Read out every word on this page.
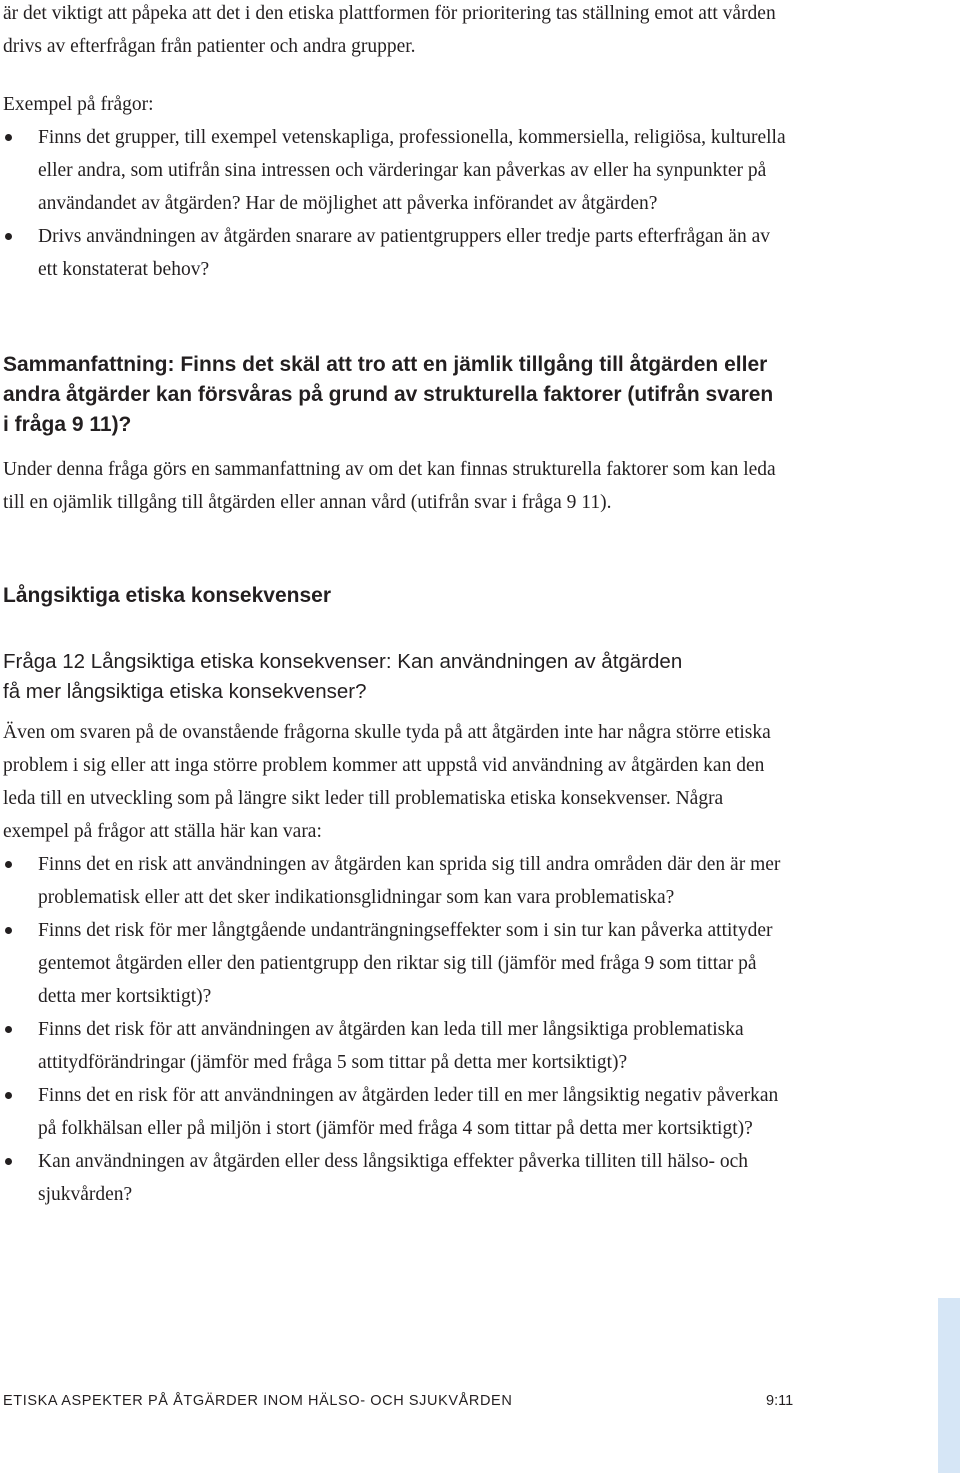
är det viktigt att påpeka att det i den etiska plattformen för prioritering tas ställning emot att vården drivs av efterfrågan från patienter och andra grupper.

Exempel på frågor:

Finns det grupper, till exempel vetenskapliga, professionella, kommersiella, religiösa, kulturella eller andra, som utifrån sina intressen och värderingar kan påverkas av eller ha synpunkter på användandet av åtgärden? Har de möjlighet att påverka införandet av åtgärden?
Drivs användningen av åtgärden snarare av patientgruppers eller tredje parts efterfrågan än av ett konstaterat behov?
Sammanfattning: Finns det skäl att tro att en jämlik tillgång till åtgärden eller andra åtgärder kan försvåras på grund av strukturella faktorer (utifrån svaren i fråga 9 11)?

Under denna fråga görs en sammanfattning av om det kan finnas strukturella faktorer som kan leda till en ojämlik tillgång till åtgärden eller annan vård (utifrån svar i fråga 9 11).

Långsiktiga etiska konsekvenser
Fråga 12 Långsiktiga etiska konsekvenser: Kan användningen av åtgärden få mer långsiktiga etiska konsekvenser?

Även om svaren på de ovanstående frågorna skulle tyda på att åtgärden inte har några större etiska problem i sig eller att inga större problem kommer att uppstå vid användning av åtgärden kan den leda till en utveckling som på längre sikt leder till problematiska etiska konsekvenser. Några exempel på frågor att ställa här kan vara:

Finns det en risk att användningen av åtgärden kan sprida sig till andra områden där den är mer problematisk eller att det sker indikationsglidningar som kan vara problematiska?
Finns det risk för mer långtgående undanträngningseffekter som i sin tur kan påverka attityder gentemot åtgärden eller den patientgrupp den riktar sig till (jämför med fråga 9 som tittar på detta mer kortsiktigt)?
Finns det risk för att användningen av åtgärden kan leda till mer långsiktiga problematiska attitydförändringar (jämför med fråga 5 som tittar på detta mer kortsiktigt)?
Finns det en risk för att användningen av åtgärden leder till en mer långsiktig negativ påverkan på folkhälsan eller på miljön i stort (jämför med fråga 4 som tittar på detta mer kortsiktigt)?
Kan användningen av åtgärden eller dess långsiktiga effekter påverka tilliten till hälso- och sjukvården?
ETISKA ASPEKTER PÅ ÅTGÄRDER INOM HÄLSO- OCH SJUKVÅRDEN	9:11
